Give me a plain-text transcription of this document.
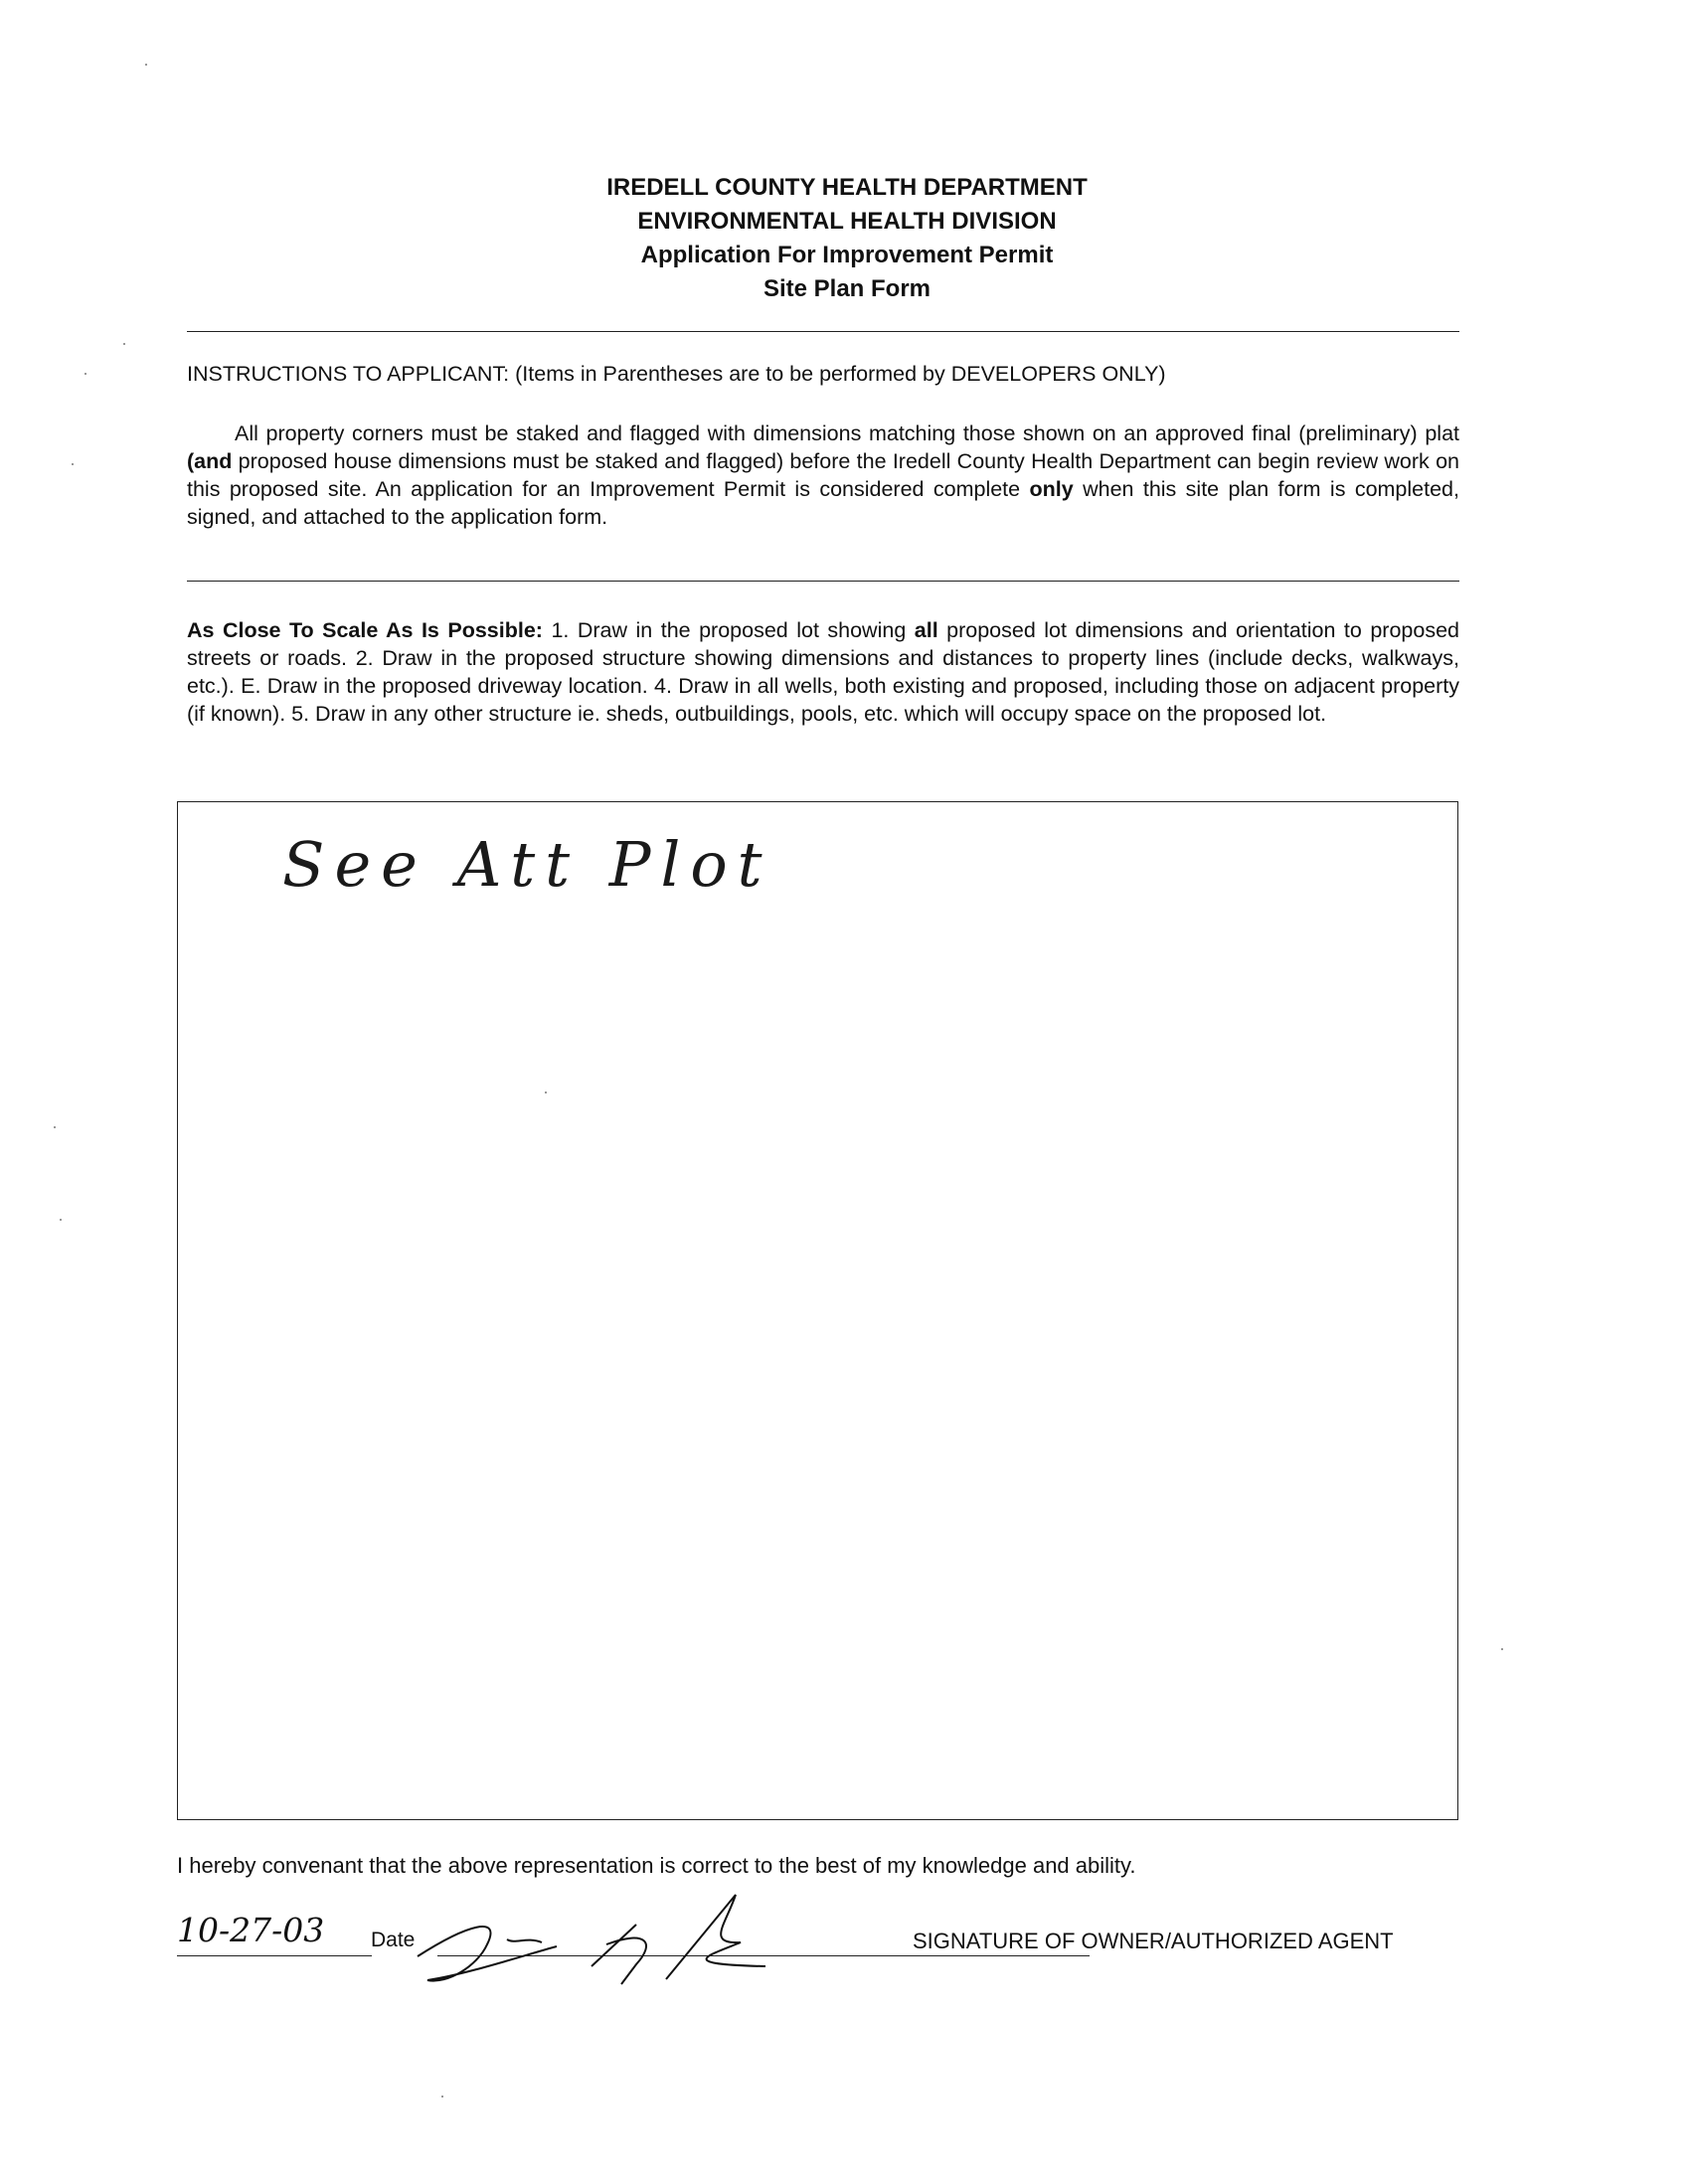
IREDELL COUNTY HEALTH DEPARTMENT
ENVIRONMENTAL HEALTH DIVISION
Application For Improvement Permit
Site Plan Form
INSTRUCTIONS TO APPLICANT: (Items in Parentheses are to be performed by DEVELOPERS ONLY)
All property corners must be staked and flagged with dimensions matching those shown on an approved final (preliminary) plat (and proposed house dimensions must be staked and flagged) before the Iredell County Health Department can begin review work on this proposed site. An application for an Improvement Permit is considered complete only when this site plan form is completed, signed, and attached to the application form.
As Close To Scale As Is Possible: 1. Draw in the proposed lot showing all proposed lot dimensions and orientation to proposed streets or roads. 2. Draw in the proposed structure showing dimensions and distances to property lines (include decks, walkways, etc.). E. Draw in the proposed driveway location. 4. Draw in all wells, both existing and proposed, including those on adjacent property (if known). 5. Draw in any other structure ie. sheds, outbuildings, pools, etc. which will occupy space on the proposed lot.
See Att Plot
I hereby convenant that the above representation is correct to the best of my knowledge and ability.
10-27-03 Date	SIGNATURE OF OWNER/AUTHORIZED AGENT
